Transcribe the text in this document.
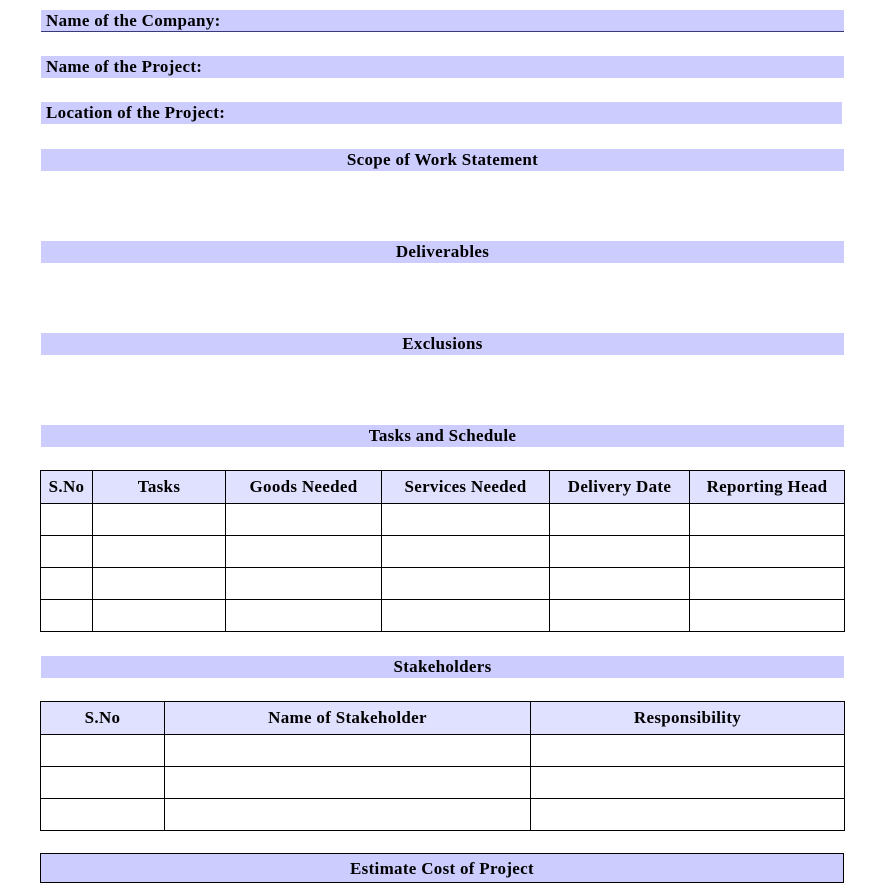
Name of the Company:
Name of the Project:
Location of the Project:
Scope of Work Statement
Deliverables
Exclusions
Tasks and Schedule
S.No	Tasks	Goods Needed	Services Needed	Delivery Date	Reporting Head

Stakeholders
S.No	Name of Stakeholder	Responsibility

Estimate Cost of Project
